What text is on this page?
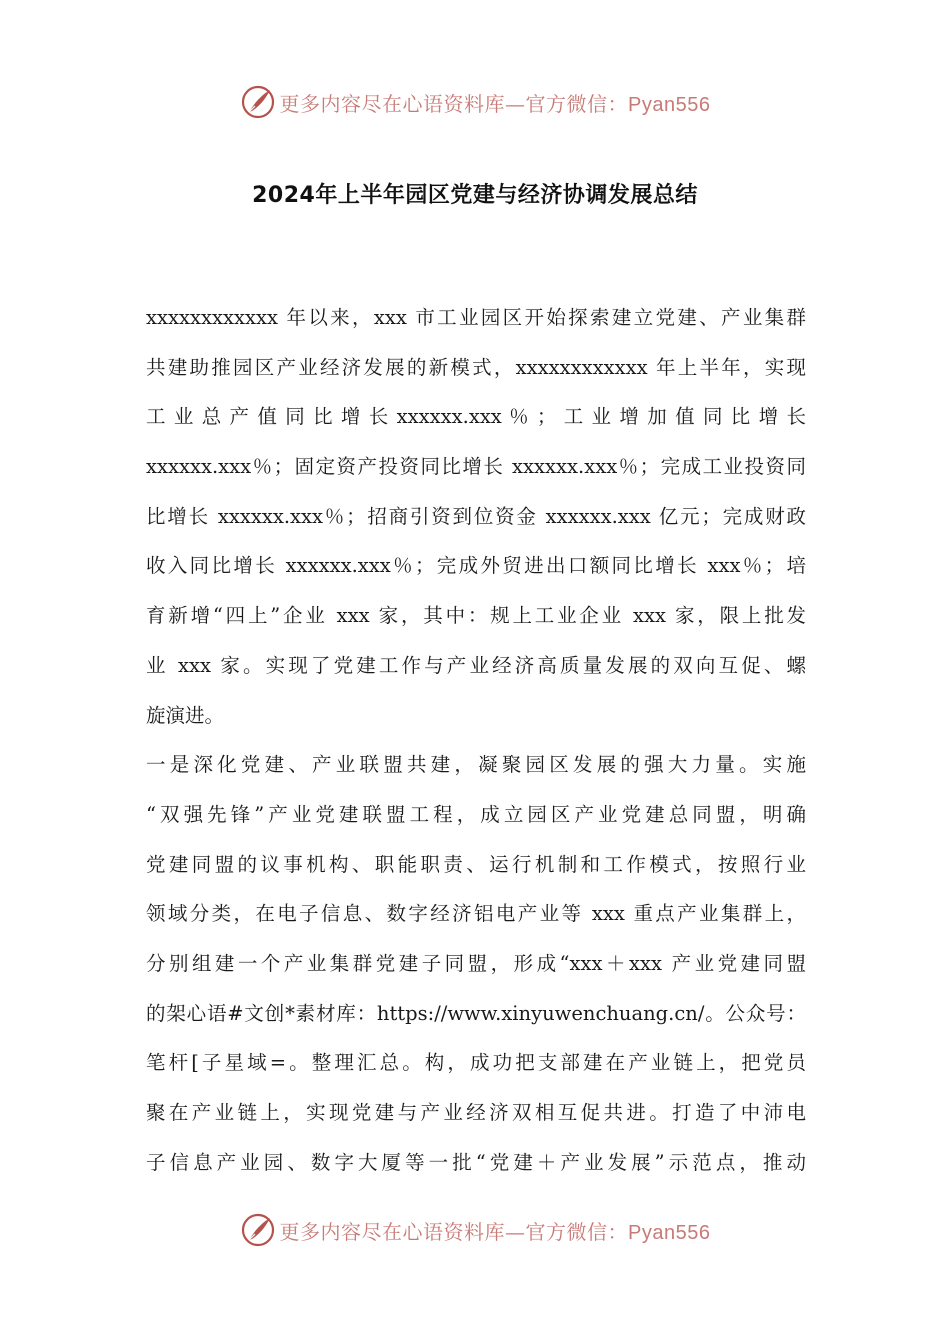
更多内容尽在心语资料库—官方微信：Pyan556
2024年上半年园区党建与经济协调发展总结
xxxxxxxxxxxx 年以来，xxx 市工业园区开始探索建立党建、产业集群
共建助推园区产业经济发展的新模式，xxxxxxxxxxxx 年上半年，实现
工 业 总 产 值 同 比 增 长 xxxxxx.xxx ％ ； 工 业 增 加 值 同 比 增 长
xxxxxx.xxx％；固定资产投资同比增长 xxxxxx.xxx％；完成工业投资同
比增长 xxxxxx.xxx％；招商引资到位资金 xxxxxx.xxx 亿元；完成财政
收入同比增长 xxxxxx.xxx％；完成外贸进出口额同比增长 xxx％；培
育新增“四上”企业 xxx 家，其中：规上工业企业 xxx 家，限上批发
业 xxx 家。实现了党建工作与产业经济高质量发展的双向互促、螺
旋演进。
一是深化党建、产业联盟共建，凝聚园区发展的强大力量。实施
“双强先锋”产业党建联盟工程，成立园区产业党建总同盟，明确
党建同盟的议事机构、职能职责、运行机制和工作模式，按照行业
领域分类，在电子信息、数字经济铝电产业等 xxx 重点产业集群上，
分别组建一个产业集群党建子同盟，形成“xxx＋xxx 产业党建同盟
的架心语#文创*素材库：https://www.xinyuwenchuang.cn/。公众号：
笔杆[子星域=。整理汇总。构，成功把支部建在产业链上，把党员
聚在产业链上，实现党建与产业经济双相互促共进。打造了中沛电
子信息产业园、数字大厦等一批“党建＋产业发展”示范点，推动
更多内容尽在心语资料库—官方微信：Pyan556
